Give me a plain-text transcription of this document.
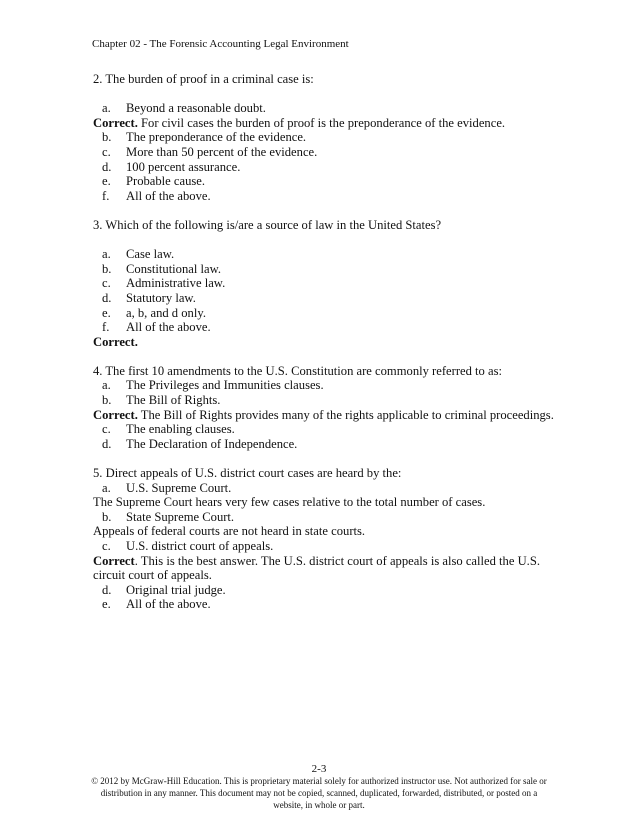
Chapter 02 - The Forensic Accounting Legal Environment

2. The burden of proof in a criminal case is:

a. Beyond a reasonable doubt.

Correct. For civil cases the burden of proof is the preponderance of the evidence.

b. The preponderance of the evidence.

c. More than 50 percent of the evidence.

d. 100 percent assurance.

e. Probable cause.

f. All of the above.

3. Which of the following is/are a source of law in the United States?

a. Case law.

b. Constitutional law.

c. Administrative law.

d. Statutory law.

e. a, b, and d only.

f. All of the above.

Correct.

4. The first 10 amendments to the U.S. Constitution are commonly referred to as:

a. The Privileges and Immunities clauses.

b. The Bill of Rights.

Correct. The Bill of Rights provides many of the rights applicable to criminal proceedings.

c. The enabling clauses.

d. The Declaration of Independence.

5. Direct appeals of U.S. district court cases are heard by the:

a. U.S. Supreme Court.

The Supreme Court hears very few cases relative to the total number of cases.

b. State Supreme Court.

Appeals of federal courts are not heard in state courts.

c. U.S. district court of appeals.

Correct. This is the best answer. The U.S. district court of appeals is also called the U.S. circuit court of appeals.

d. Original trial judge.

e. All of the above.

2-3
© 2012 by McGraw-Hill Education. This is proprietary material solely for authorized instructor use. Not authorized for sale or distribution in any manner. This document may not be copied, scanned, duplicated, forwarded, distributed, or posted on a website, in whole or part.
